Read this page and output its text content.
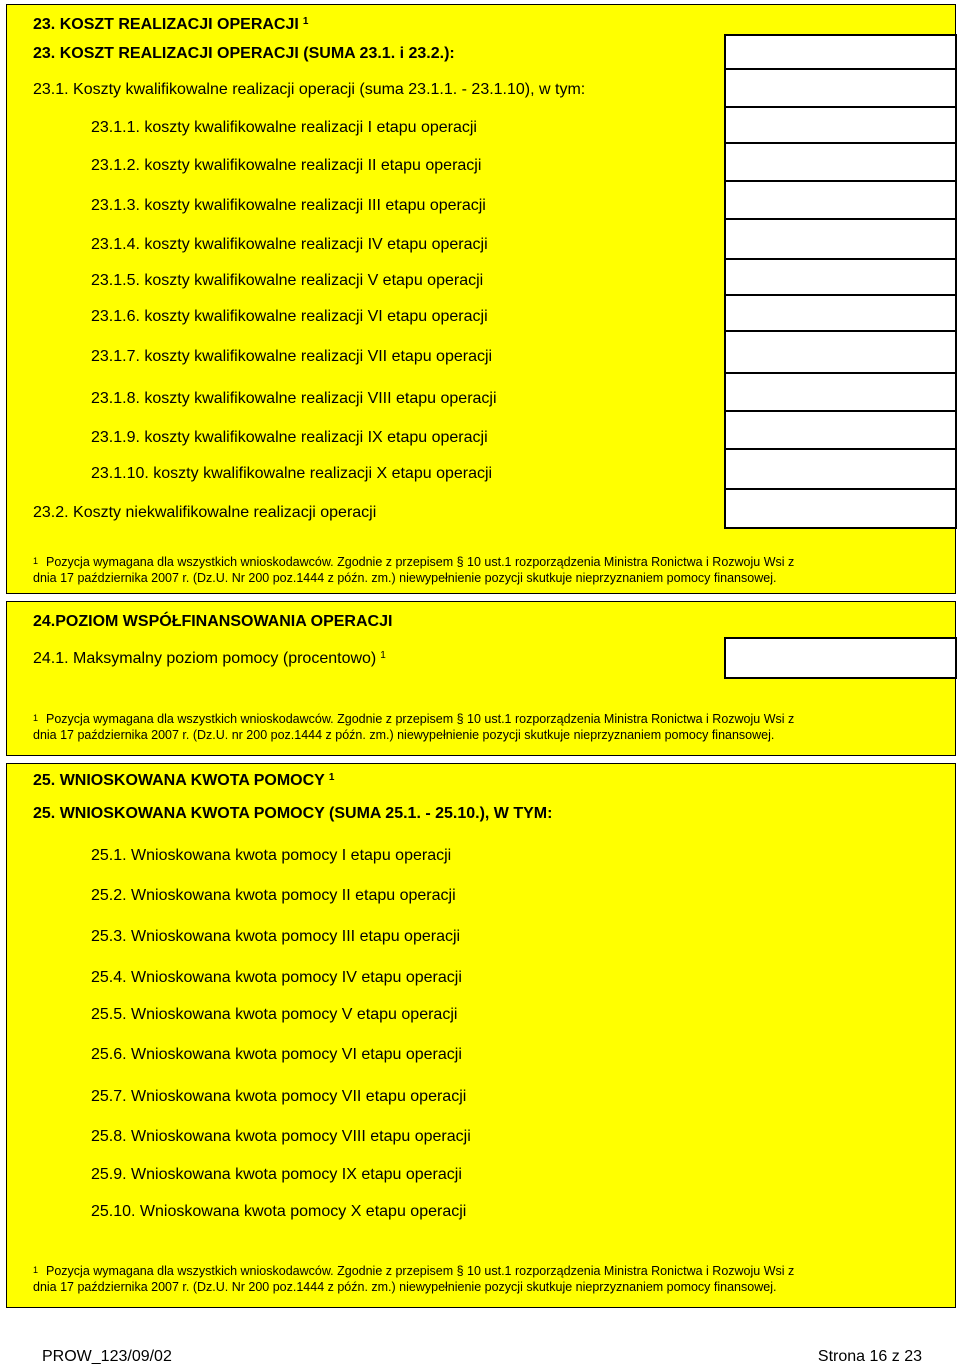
23. KOSZT REALIZACJI OPERACJI $^1$
23. KOSZT REALIZACJI OPERACJI (SUMA 23.1. i 23.2.):
23.1. Koszty kwalifikowalne realizacji operacji (suma 23.1.1. - 23.1.10), w tym:
23.1.1. koszty kwalifikowalne realizacji I etapu operacji
23.1.2. koszty kwalifikowalne realizacji II etapu operacji
23.1.3. koszty kwalifikowalne realizacji III etapu operacji
23.1.4. koszty kwalifikowalne realizacji IV etapu operacji
23.1.5. koszty kwalifikowalne realizacji V etapu operacji
23.1.6. koszty kwalifikowalne realizacji VI etapu operacji
23.1.7. koszty kwalifikowalne realizacji VII etapu operacji
23.1.8. koszty kwalifikowalne realizacji VIII etapu operacji
23.1.9. koszty kwalifikowalne realizacji IX etapu operacji
23.1.10. koszty kwalifikowalne realizacji X etapu operacji
23.2. Koszty niekwalifikowalne realizacji operacji
$^1$ Pozycja wymagana dla wszystkich wnioskodawców. Zgodnie z przepisem § 10 ust.1 rozporządzenia Ministra Ronictwa i Rozwoju Wsi z
dnia 17 października 2007 r. (Dz.U. Nr 200 poz.1444 z późn. zm.) niewypełnienie pozycji skutkuje nieprzyznaniem pomocy finansowej.
24.POZIOM WSPÓŁFINANSOWANIA OPERACJI
24.1. Maksymalny poziom pomocy (procentowo) $^1$
$^1$ Pozycja wymagana dla wszystkich wnioskodawców. Zgodnie z przepisem § 10 ust.1 rozporządzenia Ministra Ronictwa i Rozwoju Wsi z
dnia 17 października 2007 r. (Dz.U. nr 200 poz.1444 z późn. zm.) niewypełnienie pozycji skutkuje nieprzyznaniem pomocy finansowej.
25. WNIOSKOWANA KWOTA POMOCY $^1$
25. WNIOSKOWANA KWOTA POMOCY (SUMA 25.1. - 25.10.), W TYM:
25.1. Wnioskowana kwota pomocy I etapu operacji
25.2. Wnioskowana kwota pomocy II etapu operacji
25.3. Wnioskowana kwota pomocy III etapu operacji
25.4. Wnioskowana kwota pomocy IV etapu operacji
25.5. Wnioskowana kwota pomocy V etapu operacji
25.6. Wnioskowana kwota pomocy VI etapu operacji
25.7. Wnioskowana kwota pomocy VII etapu operacji
25.8. Wnioskowana kwota pomocy VIII etapu operacji
25.9. Wnioskowana kwota pomocy IX etapu operacji
25.10. Wnioskowana kwota pomocy X etapu operacji
$^1$ Pozycja wymagana dla wszystkich wnioskodawców. Zgodnie z przepisem § 10 ust.1 rozporządzenia Ministra Ronictwa i Rozwoju Wsi z
dnia 17 października 2007 r. (Dz.U. Nr 200 poz.1444 z późn. zm.) niewypełnienie pozycji skutkuje nieprzyznaniem pomocy finansowej.
PROW_123/09/02	Strona 16 z 23
